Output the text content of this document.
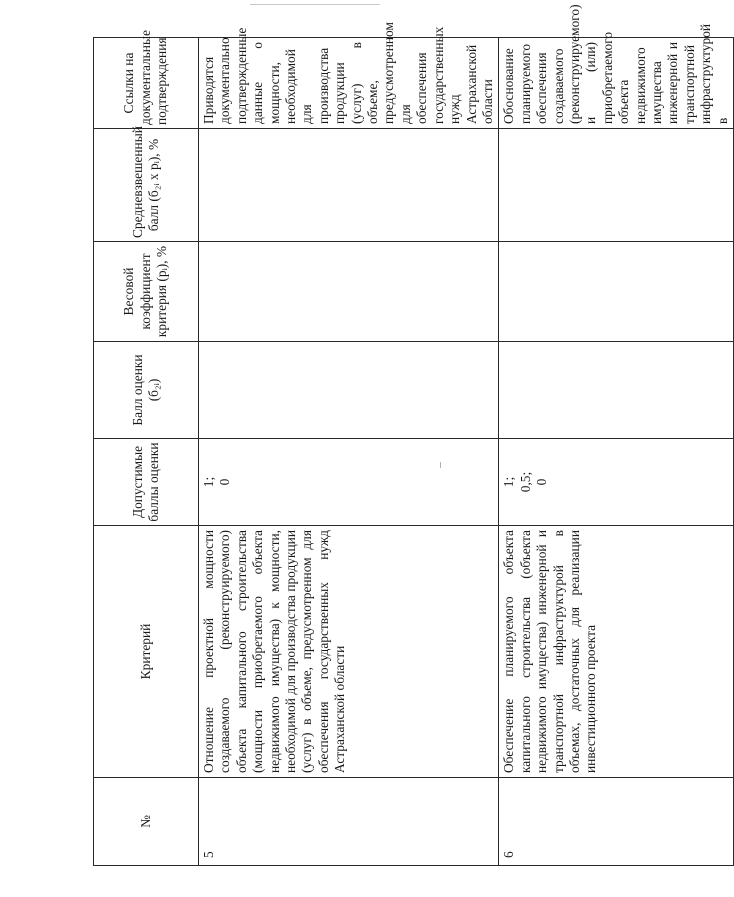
№	Критерий	Допустимые баллы оценки	Балл оценки (б₂ᵢ)	Весовой коэффициент критерия (рᵢ), %	Средневзвешенный балл (б₂ᵢ х рᵢ), %	Ссылки на документальные подтверждения
5	Отношение проектной мощности создаваемого (реконструируемого) объекта капитального строительства (мощности приобретаемого объекта недвижимого имущества) к мощности, необходимой для производства продукции (услуг) в объеме, предусмотренном для обеспечения государственных нужд Астраханской области	1; 0				Приводятся документально подтвержденные данные о мощности, необходимой для производства продукции (услуг) в объеме, предусмотренном для обеспечения государственных нужд Астраханской области
6	Обеспечение планируемого объекта капитального строительства (объекта недвижимого имущества) инженерной и транспортной инфраструктурой в объемах, достаточных для реализации инвестиционного проекта	1; 0,5; 0				Обоснование планируемого обеспечения создаваемого (реконструируемого) и (или) приобретаемого объекта недвижимого имущества инженерной и транспортной инфраструктурой в
